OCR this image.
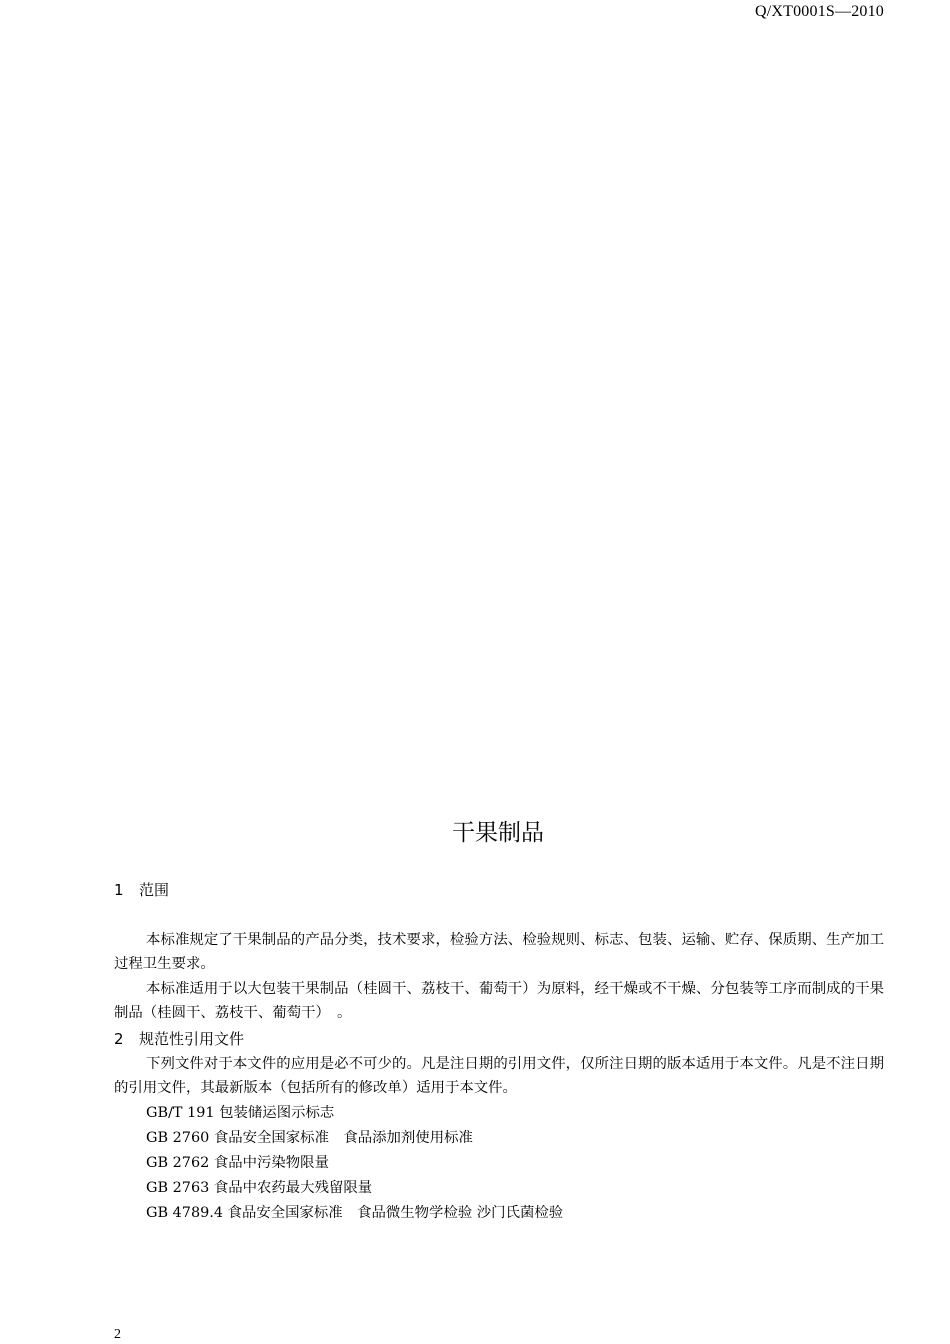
Q/XT0001S—2010
干果制品
1 范围
本标准规定了干果制品的产品分类，技术要求，检验方法、检验规则、标志、包装、运输、贮存、保质期、生产加工过程卫生要求。
本标准适用于以大包装干果制品（桂圆干、荔枝干、葡萄干）为原料，经干燥或不干燥、分包装等工序而制成的干果制品（桂圆干、荔枝干、葡萄干）　。
2 规范性引用文件
下列文件对于本文件的应用是必不可少的。凡是注日期的引用文件，仅所注日期的版本适用于本文件。凡是不注日期的引用文件，其最新版本（包括所有的修改单）适用于本文件。
GB/T 191 包装储运图示标志
GB 2760 食品安全国家标准　食品添加剂使用标准
GB 2762 食品中污染物限量
GB 2763 食品中农药最大残留限量
GB 4789.4 食品安全国家标准　食品微生物学检验 沙门氏菌检验
2
